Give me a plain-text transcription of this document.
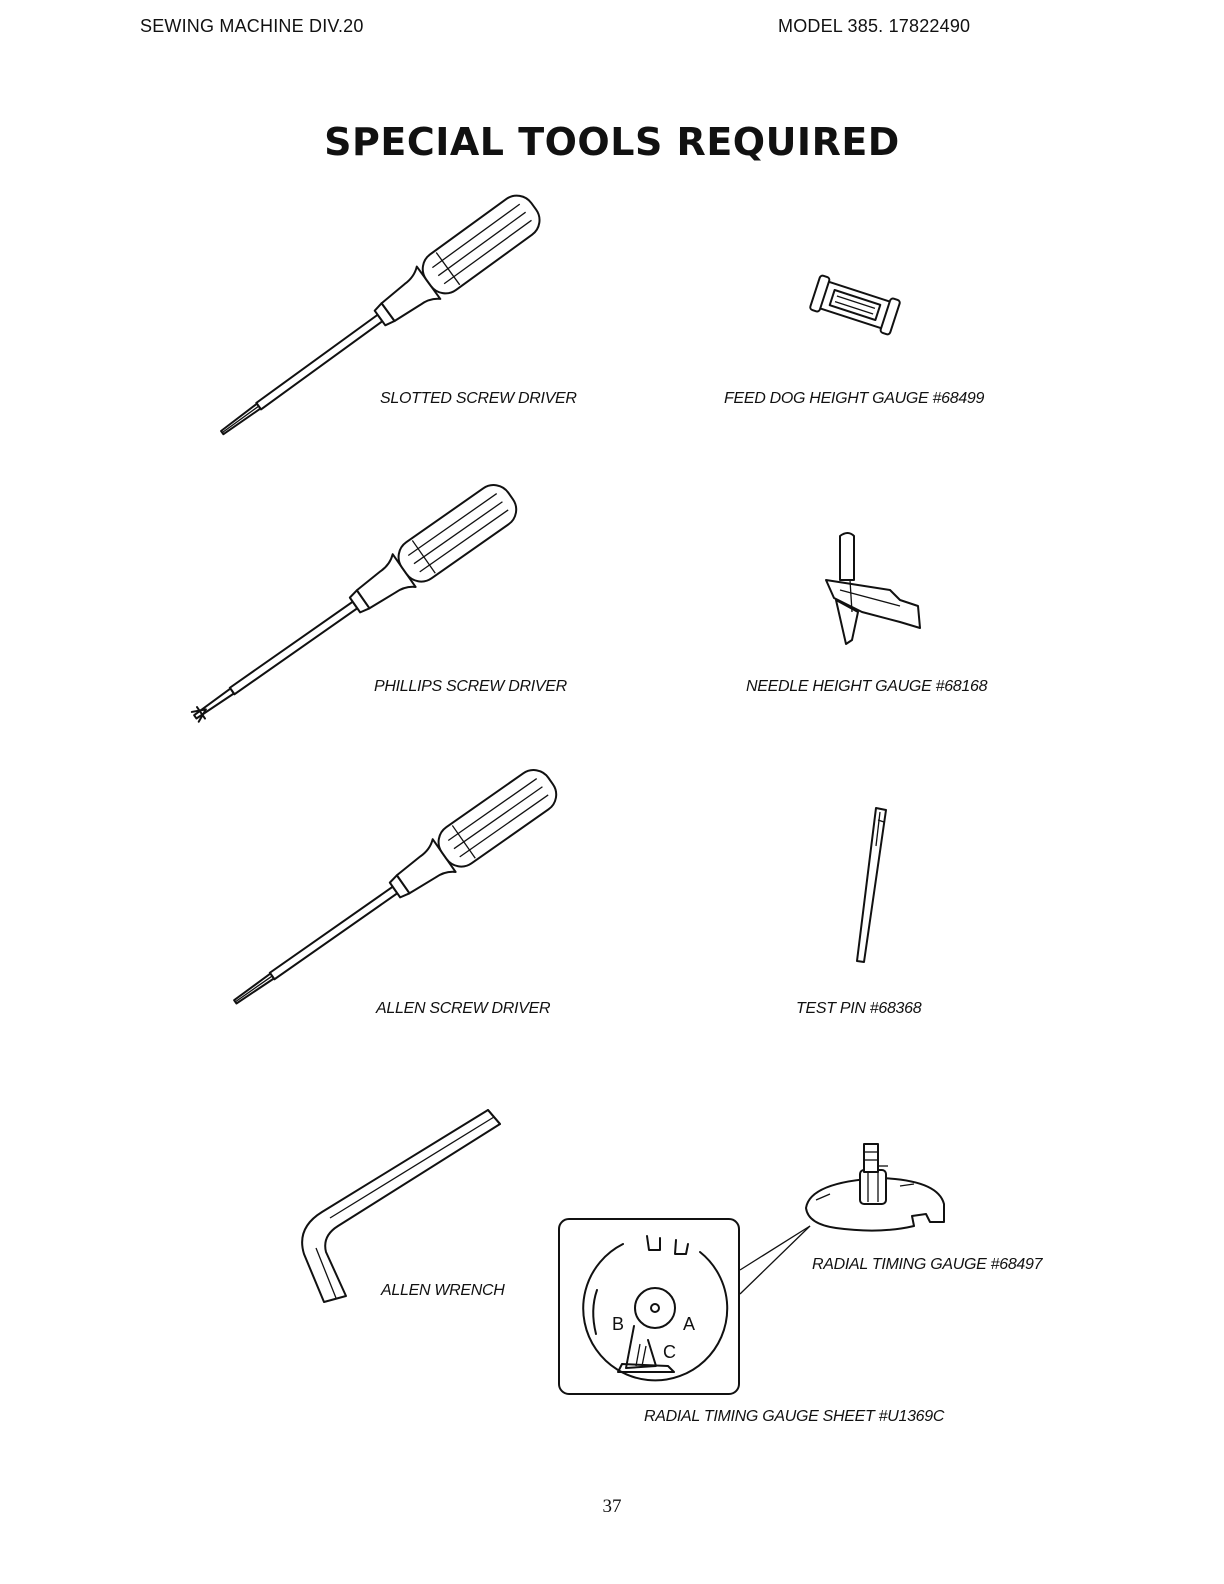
SEWING MACHINE DIV.20	MODEL 385. 17822490
SPECIAL TOOLS REQUIRED
B	A
C
SLOTTED SCREW DRIVER	FEED DOG HEIGHT GAUGE #68499
PHILLIPS SCREW DRIVER	NEEDLE HEIGHT GAUGE #68168
ALLEN SCREW DRIVER	TEST PIN #68368
ALLEN WRENCH
RADIAL TIMING GAUGE #68497
RADIAL TIMING GAUGE SHEET #U1369C
37
